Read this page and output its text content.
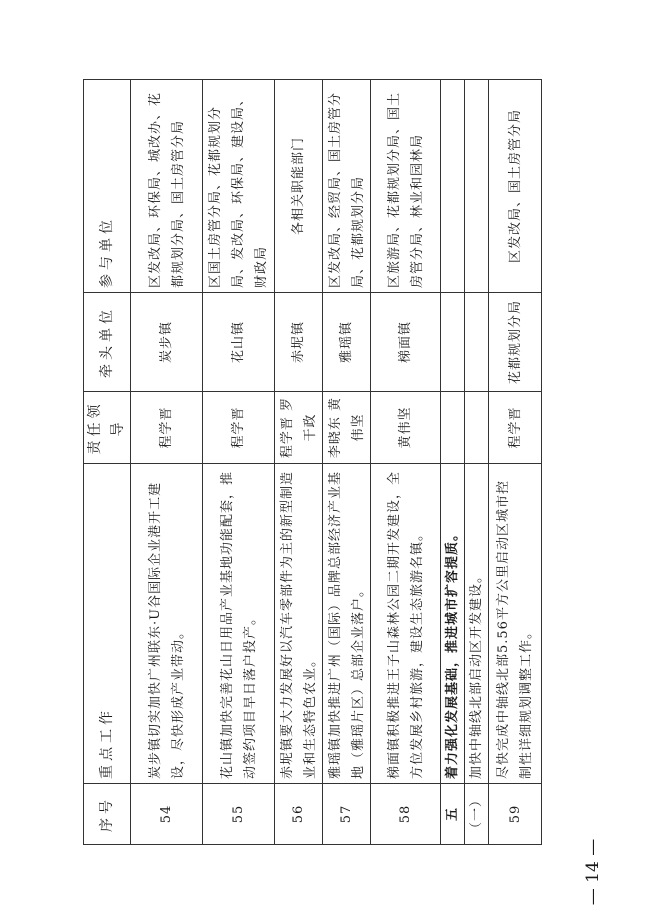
序号	重点工作	责任领导	牵头单位	参与单位
54	炭步镇切实加快广州联东·U谷国际企业港开工建设，尽快形成产业带动。	程学晋	炭步镇	区发改局、环保局、城改办、花都规划分局、国土房管分局
55	花山镇加快完善花山日用品产业基地功能配套，推动签约项目早日落户投产。	程学晋	花山镇	区国土房管分局、花都规划分局、发改局、环保局、建设局、财政局
56	赤坭镇要大力发展好以汽车零部件为主的新型制造业和生态特色农业。	程学晋 罗干政	赤坭镇	各相关职能部门
57	雅瑶镇加快推进广州（国际）品牌总部经济产业基地（雅瑶片区）总部企业落户。	李晓东 黄伟坚	雅瑶镇	区发改局、经贸局、国土房管分局、花都规划分局
58	梯面镇积极推进王子山森林公园二期开发建设，全方位发展乡村旅游，建设生态旅游名镇。	黄伟坚	梯面镇	区旅游局、花都规划分局、国土房管分局、林业和园林局
五	着力强化发展基础，推进城市扩容提质。			
（一）	加快中轴线北部启动区开发建设。			
59	尽快完成中轴线北部5.56平方公里启动区城市控制性详细规划调整工作。	程学晋	花都规划分局	区发改局、国土房管分局
— 14 —
